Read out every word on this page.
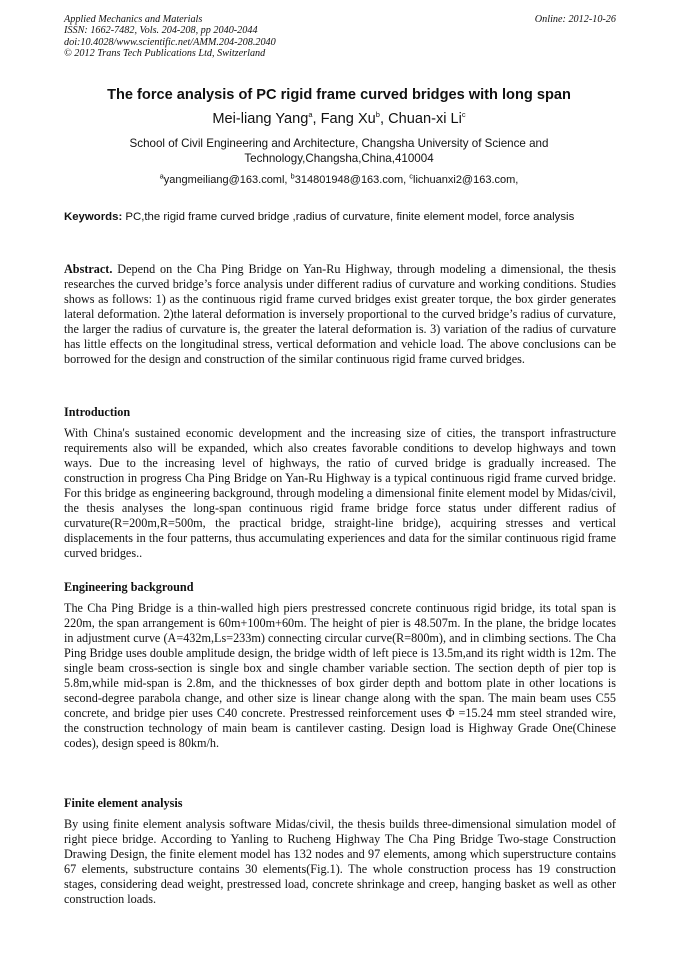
Applied Mechanics and Materials
ISSN: 1662-7482, Vols. 204-208, pp 2040-2044
doi:10.4028/www.scientific.net/AMM.204-208.2040
© 2012 Trans Tech Publications Ltd, Switzerland
Online: 2012-10-26
The force analysis of PC rigid frame curved bridges with long span
Mei-liang Yang$^a$, Fang Xu$^b$, Chuan-xi Li$^c$
School of Civil Engineering and Architecture, Changsha University of Science and Technology,Changsha,China,410004
$^a$yangmeiliang@163.coml, $^b$314801948@163.com, $^c$lichuanxi2@163.com,
Keywords: PC,the rigid frame curved bridge ,radius of curvature, finite element model, force analysis
Abstract. Depend on the Cha Ping Bridge on Yan-Ru Highway, through modeling a dimensional, the thesis researches the curved bridge’s force analysis under different radius of curvature and working conditions. Studies shows as follows: 1) as the continuous rigid frame curved bridges exist greater torque, the box girder generates lateral deformation. 2)the lateral deformation is inversely proportional to the curved bridge’s radius of curvature, the larger the radius of curvature is, the greater the lateral deformation is. 3) variation of the radius of curvature has little effects on the longitudinal stress, vertical deformation and vehicle load. The above conclusions can be borrowed for the design and construction of the similar continuous rigid frame curved bridges.
Introduction
With China's sustained economic development and the increasing size of cities, the transport infrastructure requirements also will be expanded, which also creates favorable conditions to develop highways and town ways. Due to the increasing level of highways, the ratio of curved bridge is gradually increased. The construction in progress Cha Ping Bridge on Yan-Ru Highway is a typical continuous rigid frame curved bridge. For this bridge as engineering background, through modeling a dimensional finite element model by Midas/civil, the thesis analyses the long-span continuous rigid frame bridge force status under different radius of curvature(R=200m,R=500m, the practical bridge, straight-line bridge), acquiring stresses and vertical displacements in the four patterns, thus accumulating experiences and data for the similar continuous rigid frame curved bridges..
Engineering background
The Cha Ping Bridge is a thin-walled high piers prestressed concrete continuous rigid bridge, its total span is 220m, the span arrangement is 60m+100m+60m. The height of pier is 48.507m. In the plane, the bridge locates in adjustment curve (A=432m,Ls=233m) connecting circular curve(R=800m), and in climbing sections. The Cha Ping Bridge uses double amplitude design, the bridge width of left piece is 13.5m,and its right width is 12m. The single beam cross-section is single box and single chamber variable section. The section depth of pier top is 5.8m,while mid-span is 2.8m, and the thicknesses of box girder depth and bottom plate in other locations is second-degree parabola change, and other size is linear change along with the span. The main beam uses C55 concrete, and bridge pier uses C40 concrete. Prestressed reinforcement uses Φ =15.24 mm steel stranded wire, the construction technology of main beam is cantilever casting. Design load is Highway Grade One(Chinese codes), design speed is 80km/h.
Finite element analysis
By using finite element analysis software Midas/civil, the thesis builds three-dimensional simulation model of right piece bridge. According to Yanling to Rucheng Highway The Cha Ping Bridge Two-stage Construction Drawing Design, the finite element model has 132 nodes and 97 elements, among which superstructure contains 67 elements, substructure contains 30 elements(Fig.1). The whole construction process has 19 construction stages, considering dead weight, prestressed load, concrete shrinkage and creep, hanging basket as well as other construction loads.
